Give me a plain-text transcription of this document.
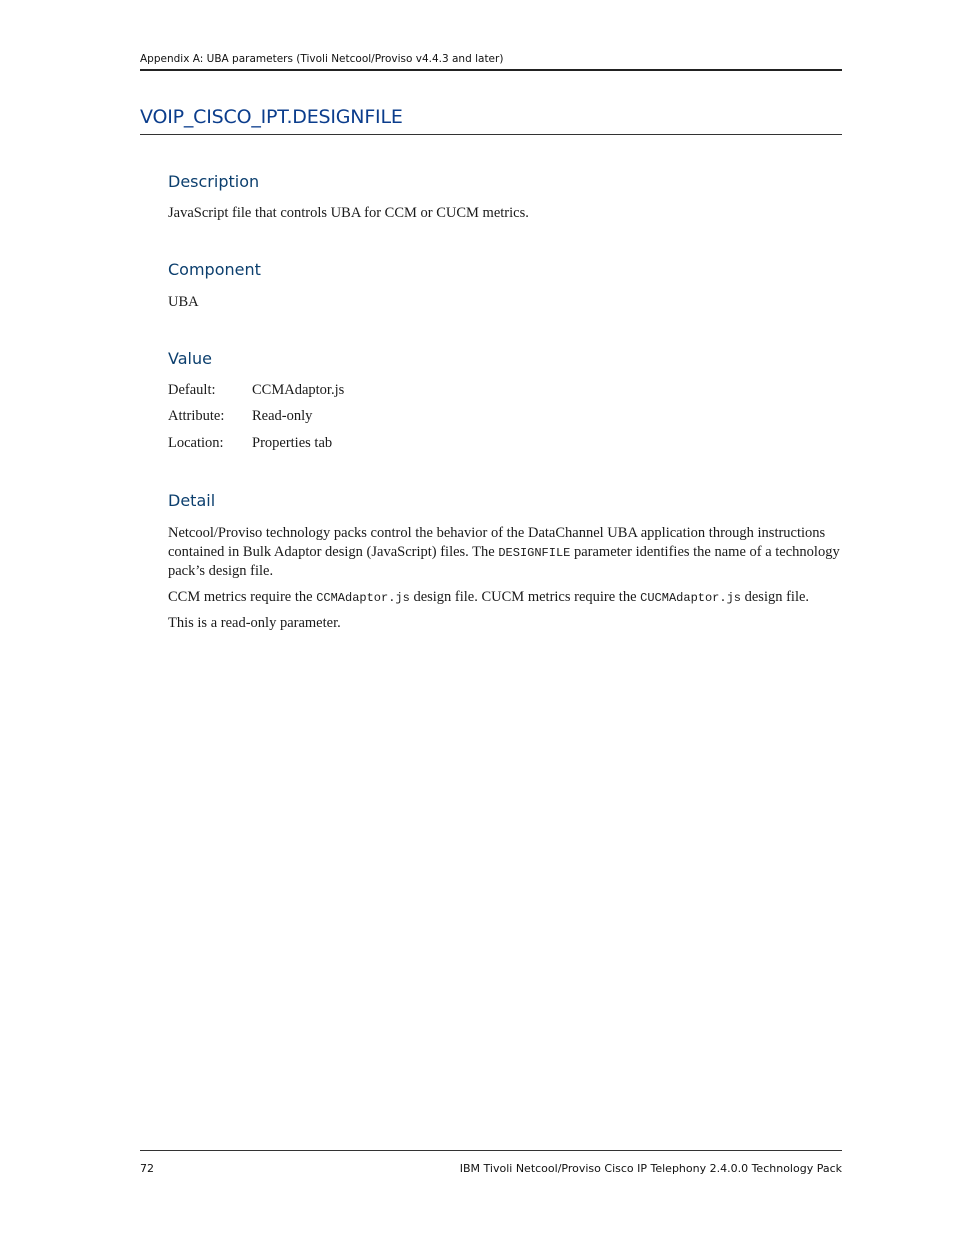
Appendix A: UBA parameters (Tivoli Netcool/Proviso v4.4.3 and later)
VOIP_CISCO_IPT.DESIGNFILE
Description
JavaScript file that controls UBA for CCM or CUCM metrics.
Component
UBA
Value
Default:	CCMAdaptor.js
Attribute: Read-only
Location: Properties tab
Detail
Netcool/Proviso technology packs control the behavior of the DataChannel UBA application through instructions contained in Bulk Adaptor design (JavaScript) files. The DESIGNFILE parameter identifies the name of a technology pack’s design file.
CCM metrics require the CCMAdaptor.js design file. CUCM metrics require the CUCMAdaptor.js design file.
This is a read-only parameter.
72	IBM Tivoli Netcool/Proviso Cisco IP Telephony 2.4.0.0 Technology Pack
